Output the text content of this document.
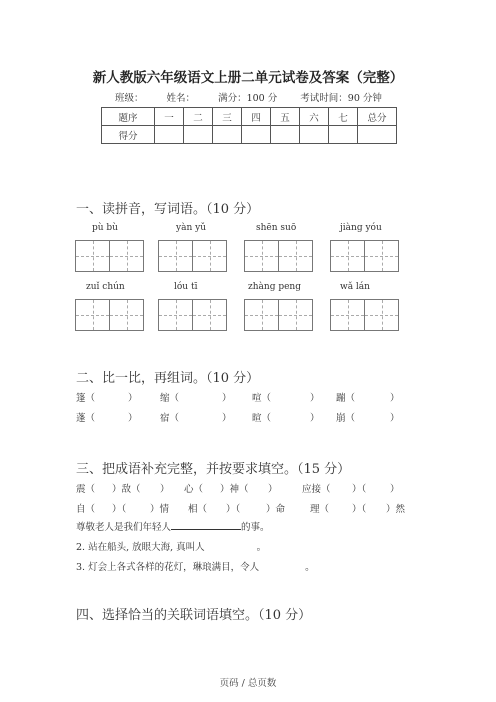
新人教版六年级语文上册二单元试卷及答案（完整）
班级： 姓名： 满分：100 分 考试时间：90 分钟
题序	一	二	三	四	五	六	七	总分
得分								
一、读拼音，写词语。（10 分）
pù bù	yàn yǔ	shēn suō	jiàng yóu
zuǐ chún	lóu tī	zhàng peng	wǎ lán
二、比一比，再组词。（10 分）
篷（	） 缩（	） 喧（	） 蹦（	）
蓬（	） 宿（	） 暄（	） 崩（	）
三、把成语补充完整，并按要求填空。（15 分）
震（ ）敌（ ） 心（ ）神（ ）	应接（ ）（ ）
自（ ）（ ）情 相（ ）（	）命	理（ ）（ ）然
尊敬老人是我们年轻人	的事。
2. 站在船头, 放眼大海, 真叫人	。
3. 灯会上各式各样的花灯，琳琅满目，令人	。
四、选择恰当的关联词语填空。（10 分）
页码 / 总页数
